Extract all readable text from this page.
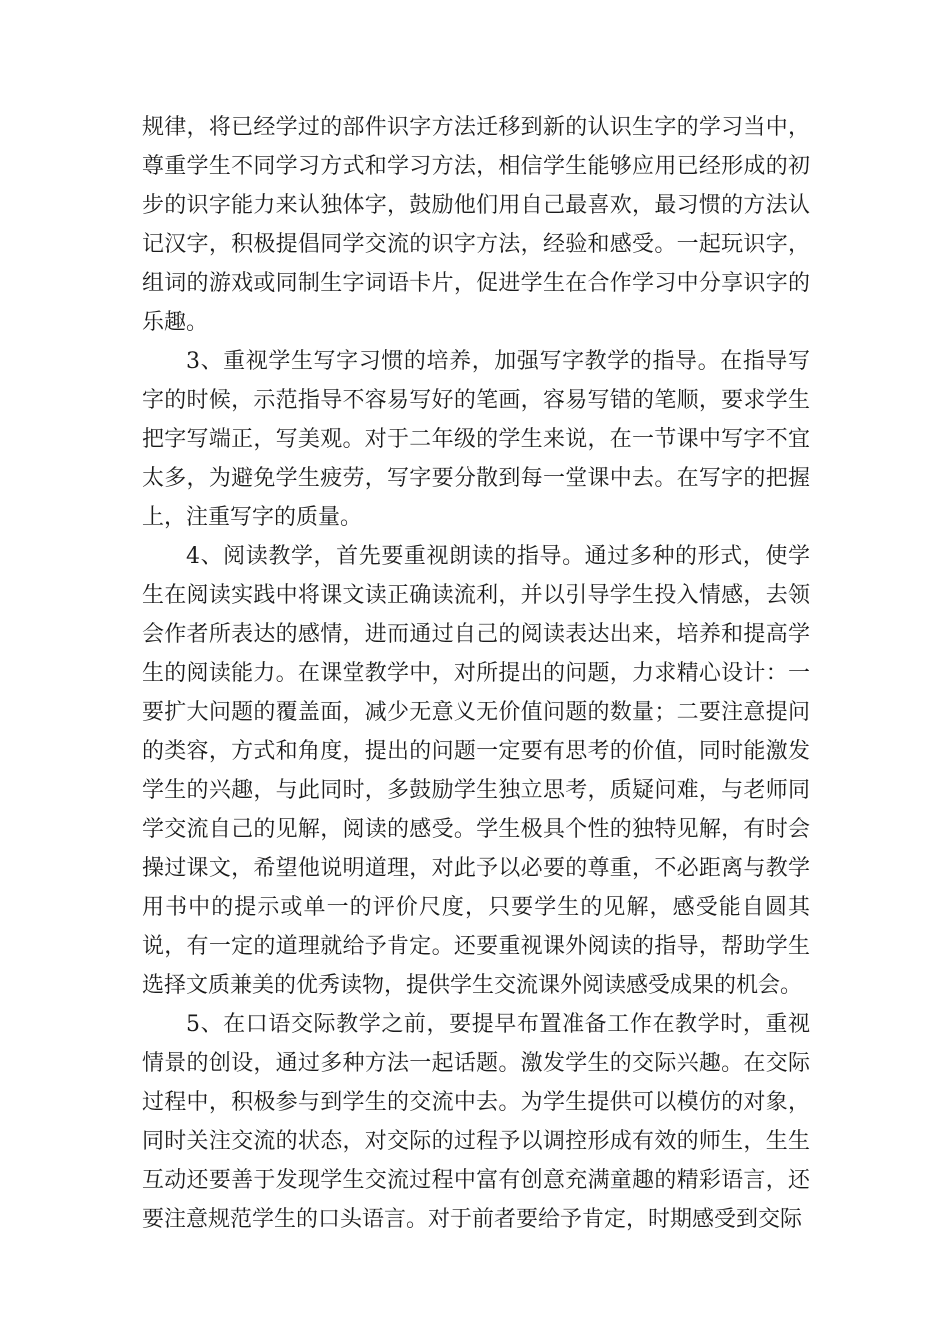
规律，将已经学过的部件识字方法迁移到新的认识生字的学习当中，尊重学生不同学习方式和学习方法，相信学生能够应用已经形成的初步的识字能力来认独体字，鼓励他们用自己最喜欢，最习惯的方法认记汉字，积极提倡同学交流的识字方法，经验和感受。一起玩识字，组词的游戏或同制生字词语卡片，促进学生在合作学习中分享识字的乐趣。

3、重视学生写字习惯的培养，加强写字教学的指导。在指导写字的时候，示范指导不容易写好的笔画，容易写错的笔顺，要求学生把字写端正，写美观。对于二年级的学生来说，在一节课中写字不宜太多，为避免学生疲劳，写字要分散到每一堂课中去。在写字的把握上，注重写字的质量。

4、阅读教学，首先要重视朗读的指导。通过多种的形式，使学生在阅读实践中将课文读正确读流利，并以引导学生投入情感，去领会作者所表达的感情，进而通过自己的阅读表达出来，培养和提高学生的阅读能力。在课堂教学中，对所提出的问题，力求精心设计：一要扩大问题的覆盖面，减少无意义无价值问题的数量；二要注意提问的类容，方式和角度，提出的问题一定要有思考的价值，同时能激发学生的兴趣，与此同时，多鼓励学生独立思考，质疑问难，与老师同学交流自己的见解，阅读的感受。学生极具个性的独特见解，有时会操过课文，希望他说明道理，对此予以必要的尊重，不必距离与教学用书中的提示或单一的评价尺度，只要学生的见解，感受能自圆其说，有一定的道理就给予肯定。还要重视课外阅读的指导，帮助学生选择文质兼美的优秀读物，提供学生交流课外阅读感受成果的机会。

5、在口语交际教学之前，要提早布置准备工作在教学时，重视情景的创设，通过多种方法一起话题。激发学生的交际兴趣。在交际过程中，积极参与到学生的交流中去。为学生提供可以模仿的对象，同时关注交流的状态，对交际的过程予以调控形成有效的师生，生生互动还要善于发现学生交流过程中富有创意充满童趣的精彩语言，还要注意规范学生的口头语言。对于前者要给予肯定，时期感受到交际
